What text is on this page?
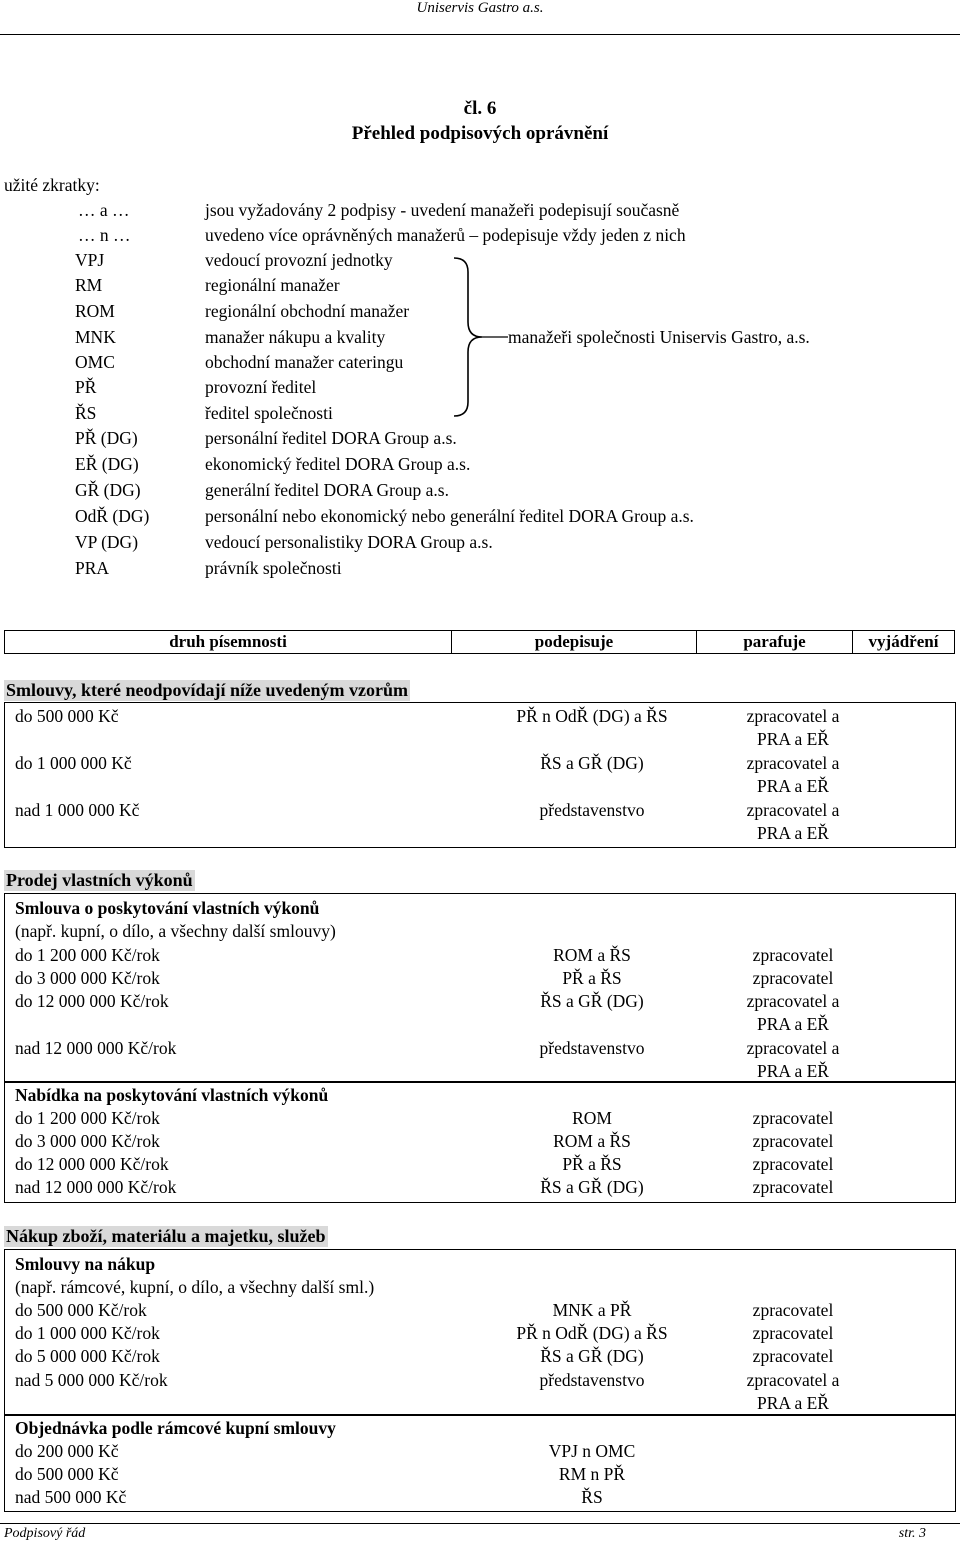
Uniservis Gastro a.s.
čl. 6
Přehled podpisových oprávnění
užité zkratky:
… a …	jsou vyžadovány 2 podpisy - uvedení manažeři podepisují současně
… n …	uvedeno více oprávněných manažerů – podepisuje vždy jeden z nich
VPJ	vedoucí provozní jednotky
RM	regionální manažer
ROM	regionální obchodní manažer
MNK	manažer nákupu a kvality
OMC	obchodní manažer cateringu
PŘ	provozní ředitel
ŘS	ředitel společnosti
PŘ (DG)	personální ředitel DORA Group a.s.
EŘ (DG)	ekonomický ředitel DORA Group a.s.
GŘ (DG)	generální ředitel DORA Group a.s.
OdŘ (DG)	personální nebo ekonomický nebo generální ředitel DORA Group a.s.
VP (DG)	vedoucí personalistiky DORA Group a.s.
PRA	právník společnosti
manažeři společnosti Uniservis Gastro, a.s.
druh písemnosti	podepisuje	parafuje	vyjádření
Smlouvy, které neodpovídají níže uvedeným vzorům
do 500 000 Kč	PŘ n OdŘ (DG) a ŘS	zpracovatel a
PRA a EŘ
do 1 000 000 Kč	ŘS a GŘ (DG)	zpracovatel a
PRA a EŘ
nad 1 000 000 Kč	představenstvo	zpracovatel a
PRA a EŘ
Prodej vlastních výkonů
Smlouva o poskytování vlastních výkonů
(např. kupní, o dílo, a všechny další smlouvy)
do 1 200 000 Kč/rok	ROM a ŘS	zpracovatel
do 3 000 000 Kč/rok	PŘ a ŘS	zpracovatel
do 12 000 000 Kč/rok	ŘS a GŘ (DG)	zpracovatel a
PRA a EŘ
nad 12 000 000 Kč/rok	představenstvo	zpracovatel a
PRA a EŘ
Nabídka na poskytování vlastních výkonů
do 1 200 000 Kč/rok	ROM	zpracovatel
do 3 000 000 Kč/rok	ROM a ŘS	zpracovatel
do 12 000 000 Kč/rok	PŘ a ŘS	zpracovatel
nad 12 000 000 Kč/rok	ŘS a GŘ (DG)	zpracovatel
Nákup zboží, materiálu a majetku, služeb
Smlouvy na nákup
(např. rámcové, kupní, o dílo, a všechny další sml.)
do 500 000 Kč/rok	MNK a PŘ	zpracovatel
do 1 000 000 Kč/rok	PŘ n OdŘ (DG) a ŘS	zpracovatel
do 5 000 000 Kč/rok	ŘS a GŘ (DG)	zpracovatel
nad 5 000 000 Kč/rok	představenstvo	zpracovatel a
PRA a EŘ
Objednávka podle rámcové kupní smlouvy
do 200 000 Kč	VPJ n OMC
do 500 000 Kč	RM n PŘ
nad 500 000 Kč	ŘS
Podpisový řád	str. 3
